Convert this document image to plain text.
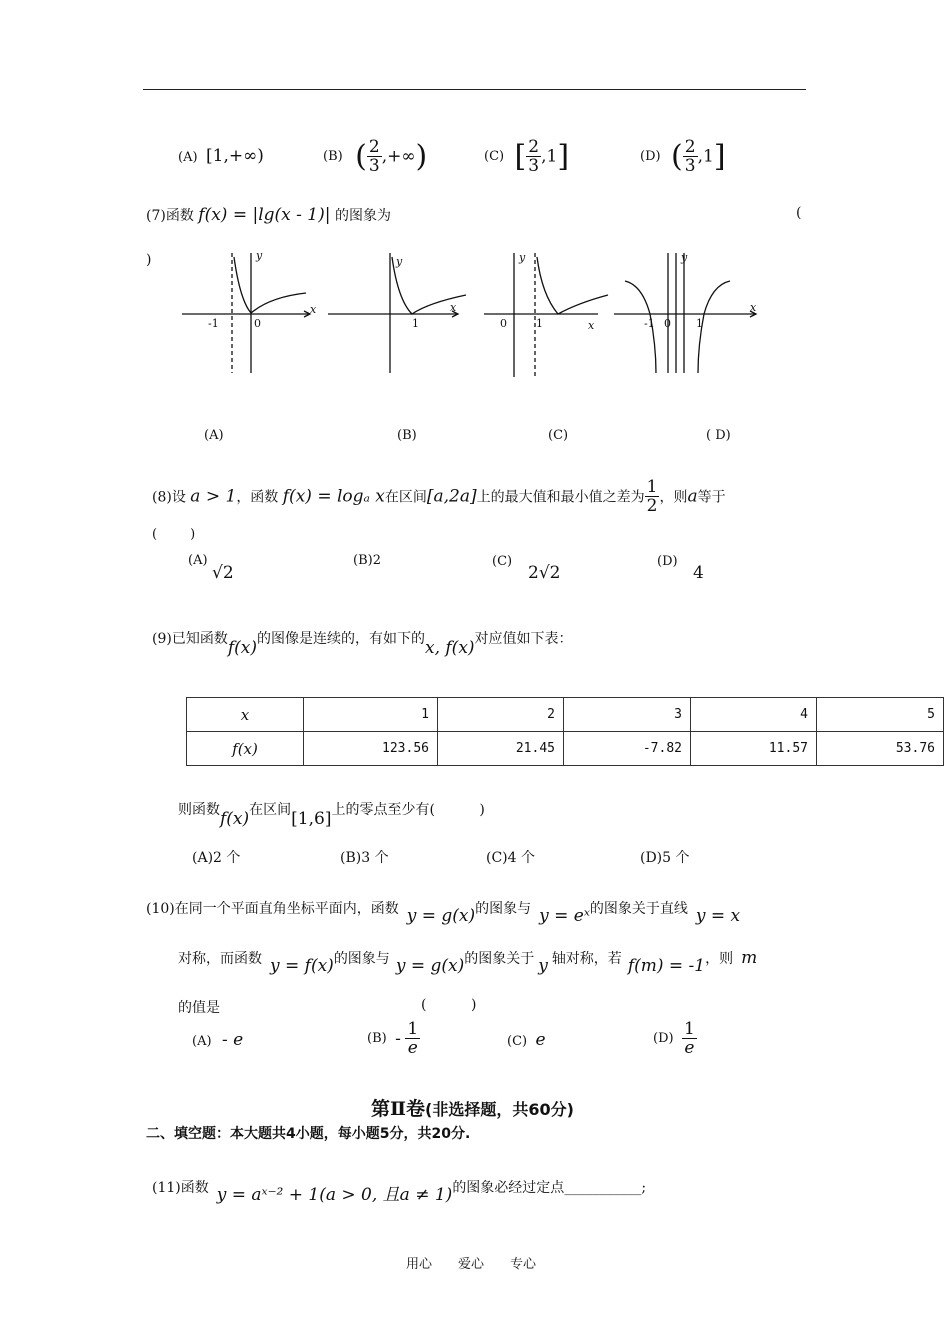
(A) [1,+∞)	(B) ( $\frac{2}{3}$ ,+∞)	(C) [ $\frac{2}{3} ,1$]	(D) ( $\frac{2}{3} ,1$]
(7)函数 f(x) = |lg(x - 1)| 的图象为	(
)	y
x
-1	0
y
x
1
y
x
0	1
y
x
-1 0 1
(A)	(B)	(C)	( D)
(8)设 a > 1，函数 f(x) = logₐ x在区间[a,2a]上的最大值和最小值之差为 $\frac{1}{2}$ ，则a等于
(        )
(A)
√2
(B)2	(C)
2√2
(D)
4
(9)已知函数f(x)的图像是连续的，有如下的x, f(x)对应值如下表：
x	1	2	3	4	5
f(x)	123.56	21.45	-7.82	11.57	53.76
则函数f(x)在区间[1,6]上的零点至少有(          )
(A)2 个	(B)3 个	(C)4 个	(D)5 个
(10)在同一个平面直角坐标平面内，函数 y = g(x)的图象与 y = eˣ的图象关于直线 y = x
对称，而函数 y = f(x)的图象与 y = g(x)的图象关于 y 轴对称，若 f(m) = -1，则 m
的值是	(          )
(A) - e	$(B) - \frac{1}{e}$	(C) e	$(D) \frac{1}{e}$
第Ⅱ卷(非选择题，共60分)
二、填空题：本大题共4小题，每小题5分，共20分.
(11)函数 y = aˣ⁻² + 1(a > 0, 且a ≠ 1)的图象必经过定点___________;
用心　　爱心　　专心
